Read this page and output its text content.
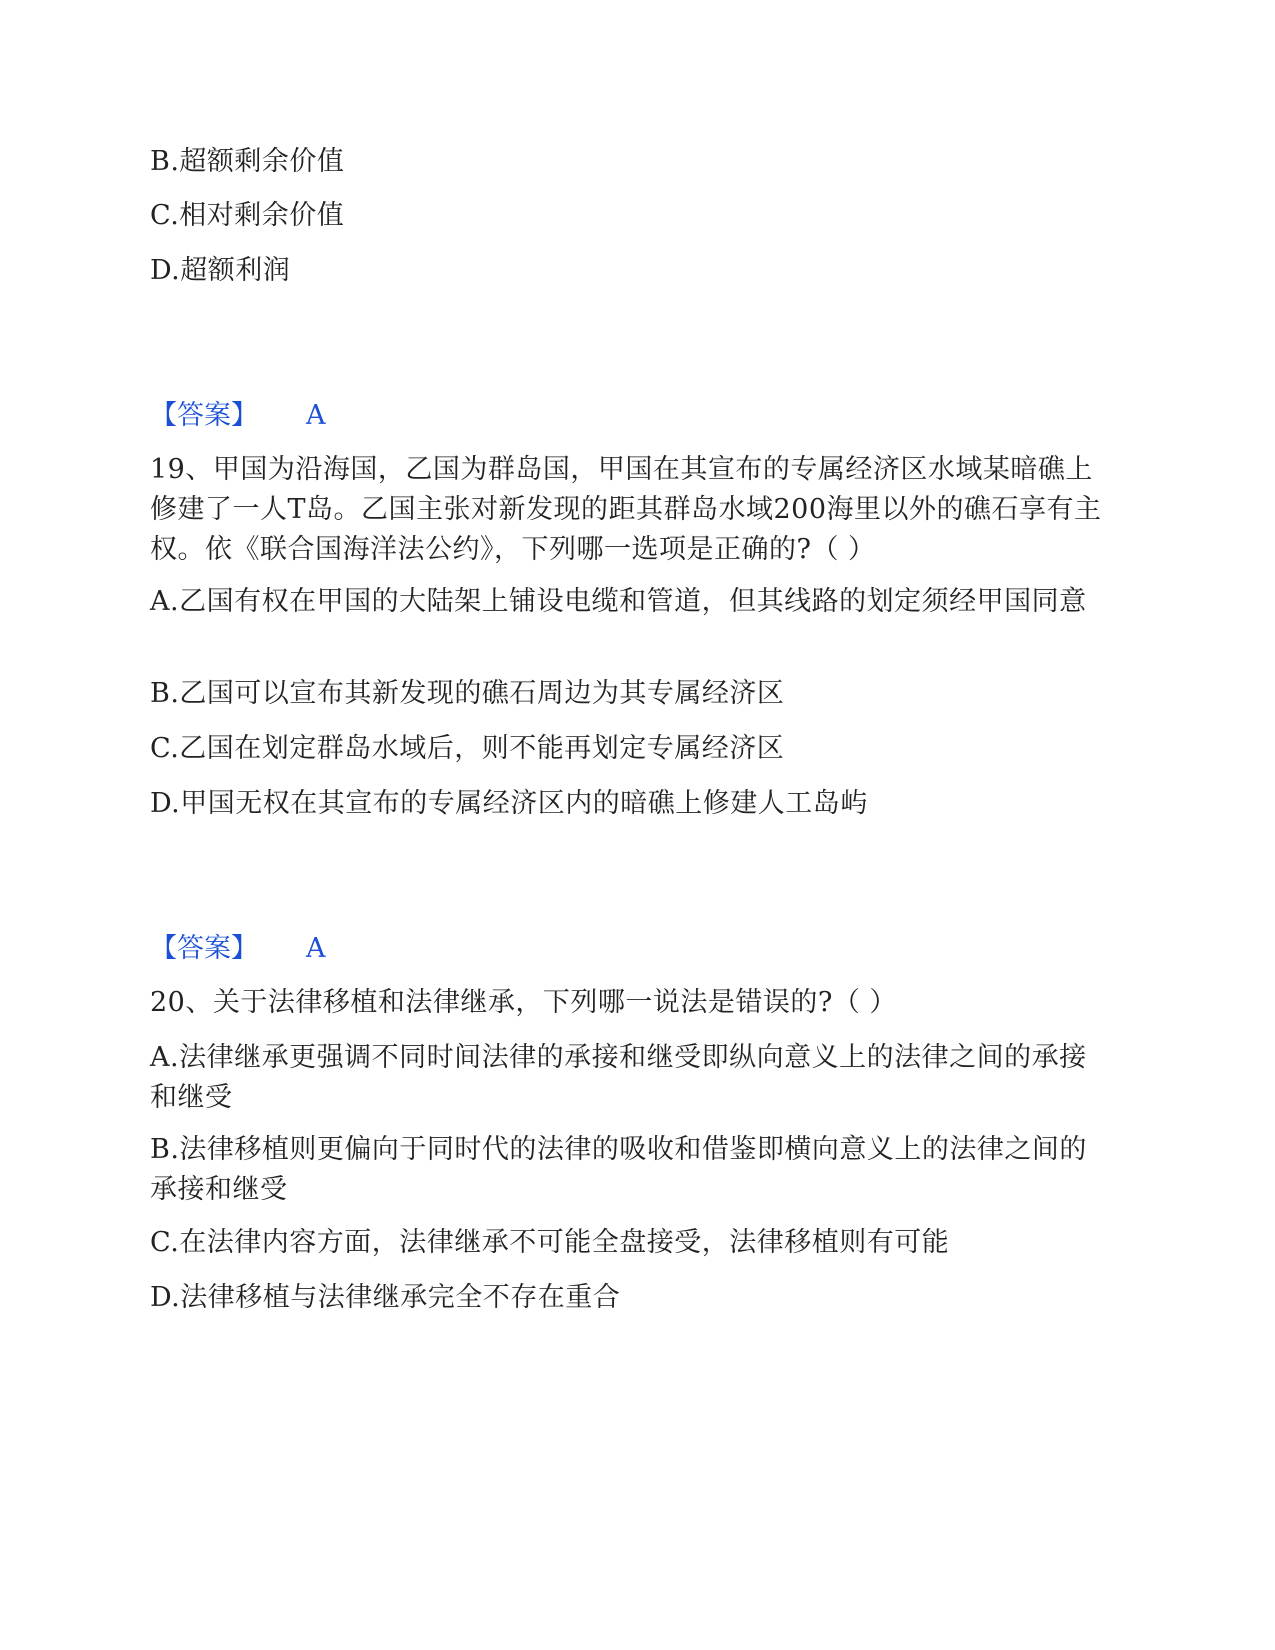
B.超额剩余价值
C.相对剩余价值
D.超额利润
【答案】 A
19、甲国为沿海国，乙国为群岛国，甲国在其宣布的专属经济区水域某暗礁上修建了一人T岛。乙国主张对新发现的距其群岛水域200海里以外的礁石享有主权。依《联合国海洋法公约》，下列哪一选项是正确的?（ ）
A.乙国有权在甲国的大陆架上铺设电缆和管道，但其线路的划定须经甲国同意
B.乙国可以宣布其新发现的礁石周边为其专属经济区
C.乙国在划定群岛水域后，则不能再划定专属经济区
D.甲国无权在其宣布的专属经济区内的暗礁上修建人工岛屿
【答案】 A
20、关于法律移植和法律继承，下列哪一说法是错误的?（ ）
A.法律继承更强调不同时间法律的承接和继受即纵向意义上的法律之间的承接和继受
B.法律移植则更偏向于同时代的法律的吸收和借鉴即横向意义上的法律之间的承接和继受
C.在法律内容方面，法律继承不可能全盘接受，法律移植则有可能
D.法律移植与法律继承完全不存在重合
